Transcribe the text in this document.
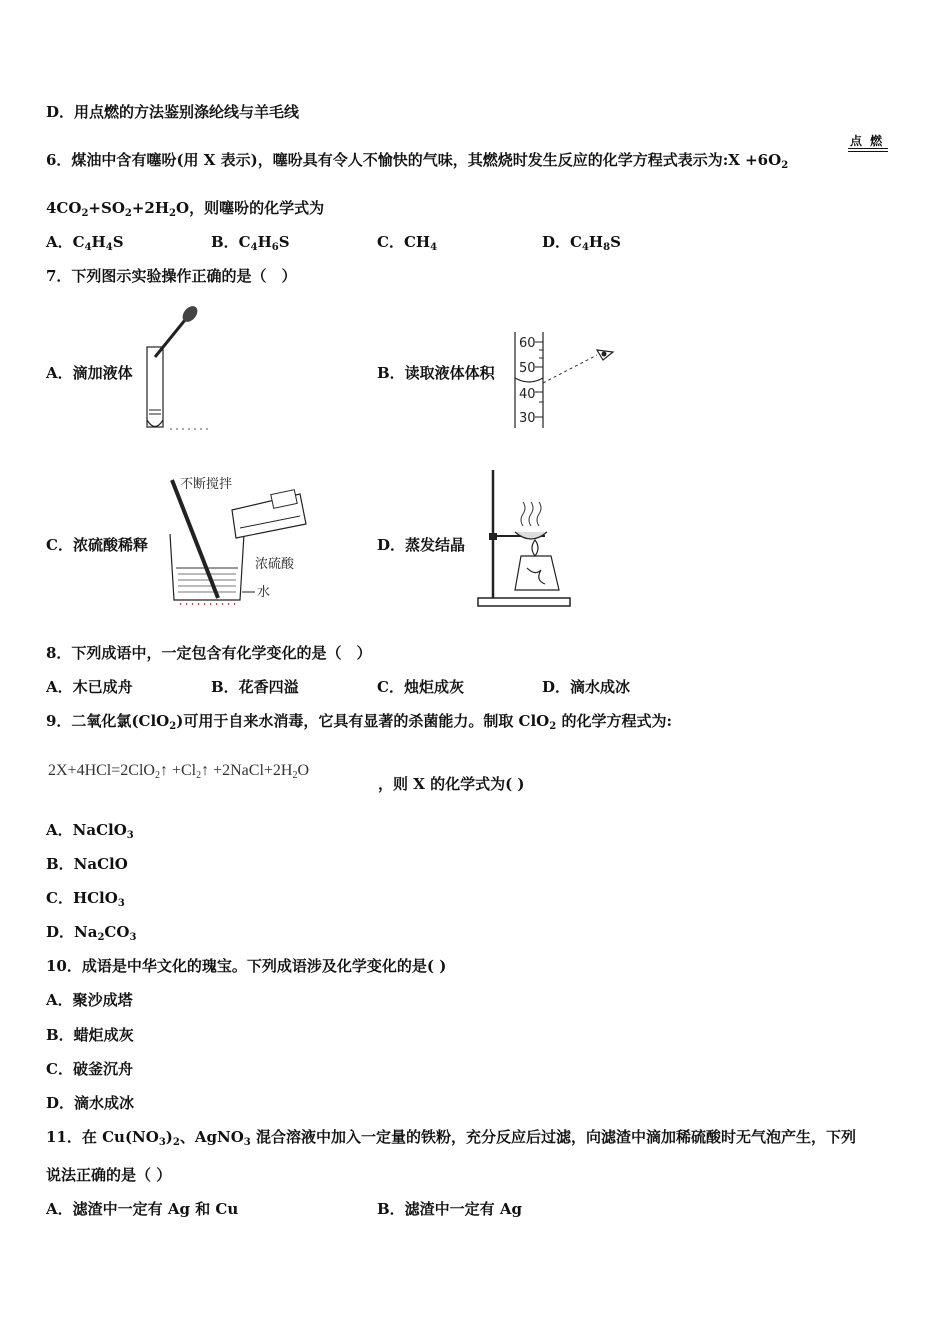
D．用点燃的方法鉴别涤纶线与羊毛线
6．煤油中含有噻吩(用 X 表示)，噻吩具有令人不愉快的气味，其燃烧时发生反应的化学方程式表示为:X $+6O_2$
点 燃
$4CO_2+SO_2+2H_2O$，则噻吩的化学式为
A．$C_4H_4S$	B．$C_4H_6S$	C．$CH_4$	D．$C_4H_8S$
7．下列图示实验操作正确的是（　）
A．滴加液体	B．读取液体体积
C．浓硫酸稀释	D．蒸发结晶
60
50
40
30
不断搅拌
浓硫酸
水
8．下列成语中，一定包含有化学变化的是（　）
A．木已成舟	B．花香四溢	C．烛炬成灰	D．滴水成冰
9．二氧化氯(ClO$_2$)可用于自来水消毒，它具有显著的杀菌能力。制取 ClO$_2$ 的化学方程式为:
2X+4HCl=2ClO$_2$↑ $+Cl_2↑$ $+2NaCl+2H_2O$
，则 X 的化学式为( )
A．NaClO$_3$
B．NaClO
C．HClO$_3$
D．$Na_2CO_3$
10．成语是中华文化的瑰宝。下列成语涉及化学变化的是( )
A．聚沙成塔
B．蜡炬成灰
C．破釜沉舟
D．滴水成冰
11．在 $Cu(NO_3)_2$、AgNO$_3$ 混合溶液中加入一定量的铁粉，充分反应后过滤，向滤渣中滴加稀硫酸时无气泡产生，下列
说法正确的是（ ）
A．滤渣中一定有 Ag 和 Cu	B．滤渣中一定有 Ag
